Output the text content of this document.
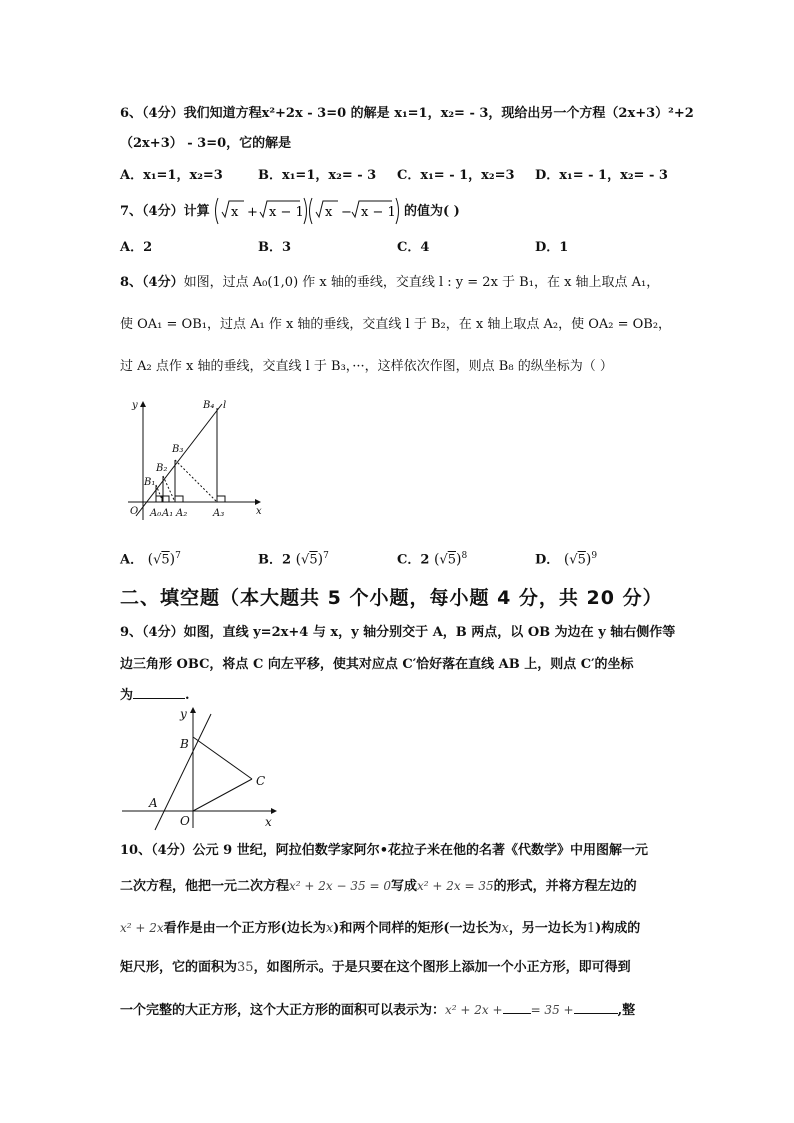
6、（4分）我们知道方程x²+2x - 3=0 的解是 x₁=1，x₂= - 3，现给出另一个方程（2x+3）²+2
（2x+3） - 3=0，它的解是
A．x₁=1，x₂=3	B．x₁=1，x₂= - 3 C．x₁= - 1，x₂=3 D．x₁= - 1，x₂= - 3
7、（4分）计算 x + x − 1 x − x − 1 的值为( )
A．2	B．3	C．4	D．1
8、（4分）如图，过点 A₀(1,0) 作 x 轴的垂线，交直线 l : y = 2x 于 B₁，在 x 轴上取点 A₁，
使 OA₁ = OB₁，过点 A₁ 作 x 轴的垂线，交直线 l 于 B₂，在 x 轴上取点 A₂，使 OA₂ = OB₂，
过 A₂ 点作 x 轴的垂线，交直线 l 于 B₃，···，这样依次作图，则点 B₈ 的纵坐标为（ ）
y	B₄ l
B₃
B₂
B₁
O A₀ A₁ A₂	A₃	x
A． $(√5)^7$	B．2 $(√5)^7$	C．2 $(√5)^8$	D． $(√5)^9$
二、填空题（本大题共 5 个小题，每小题 4 分，共 20 分）
9、（4分）如图，直线 y=2x+4 与 x，y 轴分别交于 A，B 两点，以 OB 为边在 y 轴右侧作等
边三角形 OBC，将点 C 向左平移，使其对应点 C′恰好落在直线 AB 上，则点 C′的坐标
为	.
y
B
C
A
O	x
10、（4分）公元 9 世纪，阿拉伯数学家阿尔•花拉子米在他的名著《代数学》中用图解一元
二次方程，他把一元二次方程x² + 2x − 35 = 0写成x² + 2x = 35的形式，并将方程左边的
x² + 2x看作是由一个正方形(边长为x)和两个同样的矩形(一边长为x，另一边长为1)构成的
矩尺形，它的面积为35，如图所示。于是只要在这个图形上添加一个小正方形，即可得到
一个完整的大正方形，这个大正方形的面积可以表示为：x² + 2x + = 35 +	,整
